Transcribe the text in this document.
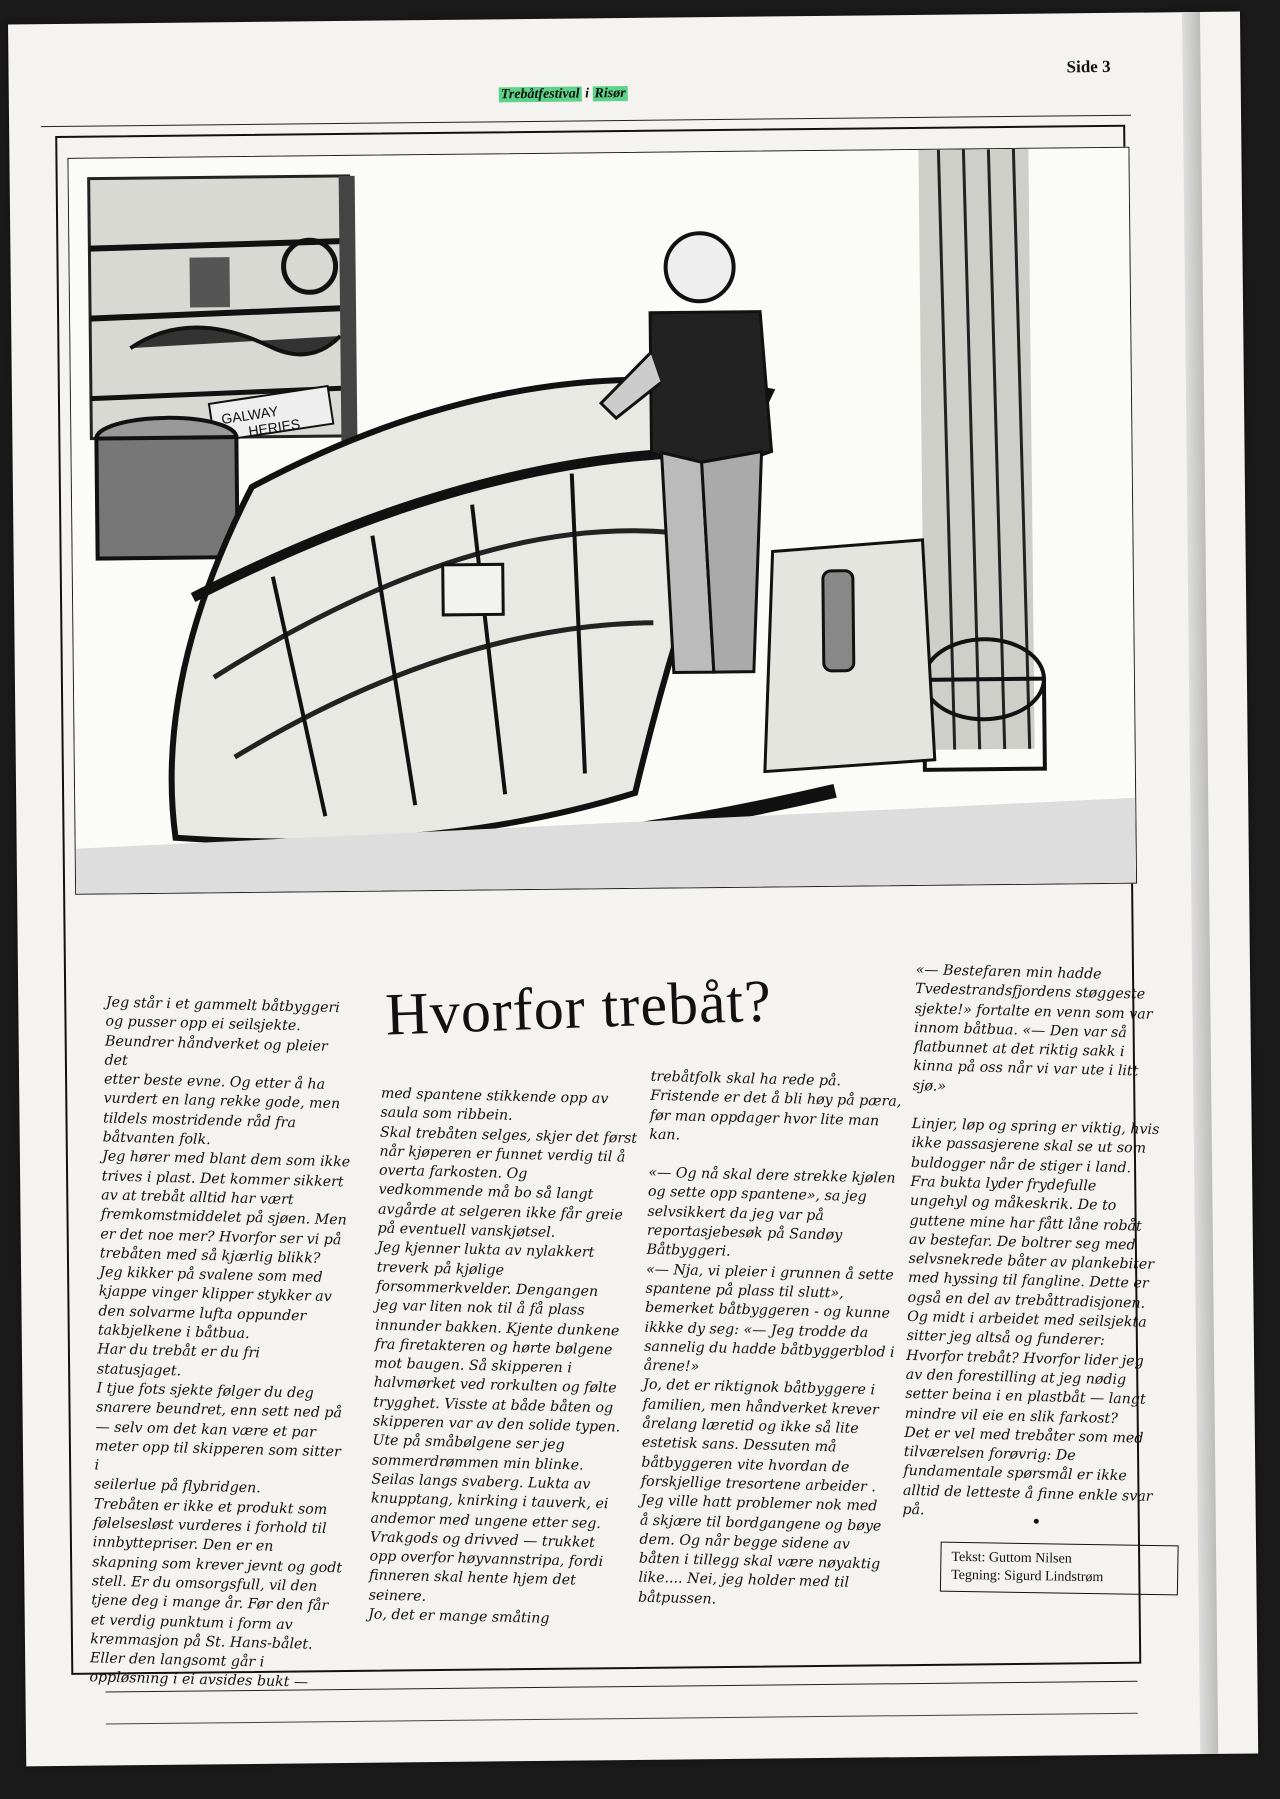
Side 3
Trebåtfestival i Risør
GALWAY
HERIES
Hvorfor trebåt?

Jeg står i et gammelt båtbyggeri

og pusser opp ei seilsjekte.

Beundrer håndverket og pleier det

etter beste evne. Og etter å ha

vurdert en lang rekke gode, men

tildels mostridende råd fra

båtvanten folk.

Jeg hører med blant dem som ikke

trives i plast. Det kommer sikkert

av at trebåt alltid har vært

fremkomstmiddelet på sjøen. Men

er det noe mer? Hvorfor ser vi på

trebåten med så kjærlig blikk?

Jeg kikker på svalene som med

kjappe vinger klipper stykker av

den solvarme lufta oppunder

takbjelkene i båtbua.

Har du trebåt er du fri statusjaget.

I tjue fots sjekte følger du deg

snarere beundret, enn sett ned på

— selv om det kan være et par

meter opp til skipperen som sitter i

seilerlue på flybridgen.

Trebåten er ikke et produkt som

følelsesløst vurderes i forhold til

innbyttepriser. Den er en

skapning som krever jevnt og godt

stell. Er du omsorgsfull, vil den

tjene deg i mange år. Før den får

et verdig punktum i form av

kremmasjon på St. Hans-bålet.

Eller den langsomt går i

oppløsning i ei avsides bukt —

med spantene stikkende opp av

saula som ribbein.

Skal trebåten selges, skjer det først

når kjøperen er funnet verdig til å

overta farkosten. Og

vedkommende må bo så langt

avgårde at selgeren ikke får greie

på eventuell vanskjøtsel.

Jeg kjenner lukta av nylakkert

treverk på kjølige

forsommerkvelder. Dengangen

jeg var liten nok til å få plass

innunder bakken. Kjente dunkene

fra firetakteren og hørte bølgene

mot baugen. Så skipperen i

halvmørket ved rorkulten og følte

trygghet. Visste at både båten og

skipperen var av den solide typen.

Ute på småbølgene ser jeg

sommerdrømmen min blinke.

Seilas langs svaberg. Lukta av

knupptang, knirking i tauverk, ei

andemor med ungene etter seg.

Vrakgods og drivved — trukket

opp overfor høyvannstripa, fordi

finneren skal hente hjem det

seinere.

Jo, det er mange småting

trebåtfolk skal ha rede på.

Fristende er det å bli høy på pæra,

før man oppdager hvor lite man

kan.

«— Og nå skal dere strekke kjølen

og sette opp spantene», sa jeg

selvsikkert da jeg var på

reportasjebesøk på Sandøy

Båtbyggeri.

«— Nja, vi pleier i grunnen å sette

spantene på plass til slutt»,

bemerket båtbyggeren - og kunne

ikkke dy seg: «— Jeg trodde da

sannelig du hadde båtbyggerblod i

årene!»

Jo, det er riktignok båtbyggere i

familien, men håndverket krever

årelang læretid og ikke så lite

estetisk sans. Dessuten må

båtbyggeren vite hvordan de

forskjellige tresortene arbeider .

Jeg ville hatt problemer nok med

å skjære til bordgangene og bøye

dem. Og når begge sidene av

båten i tillegg skal være nøyaktig

like.... Nei, jeg holder med til

båtpussen.

«— Bestefaren min hadde

Tvedestrandsfjordens støggeste

sjekte!» fortalte en venn som var

innom båtbua. «— Den var så

flatbunnet at det riktig sakk i

kinna på oss når vi var ute i litt

sjø.»

Linjer, løp og spring er viktig, hvis

ikke passasjerene skal se ut som

buldogger når de stiger i land.

Fra bukta lyder frydefulle

ungehyl og måkeskrik. De to

guttene mine har fått låne robåt

av bestefar. De boltrer seg med

selvsnekrede båter av plankebiter

med hyssing til fangline. Dette er

også en del av trebåttradisjonen.

Og midt i arbeidet med seilsjekta

sitter jeg altså og funderer:

Hvorfor trebåt? Hvorfor lider jeg

av den forestilling at jeg nødig

setter beina i en plastbåt — langt

mindre vil eie en slik farkost?

Det er vel med trebåter som med

tilværelsen forøvrig: De

fundamentale spørsmål er ikke

alltid de letteste å finne enkle svar

på.

Tekst: Guttom Nilsen
Tegning: Sigurd Lindstrøm
